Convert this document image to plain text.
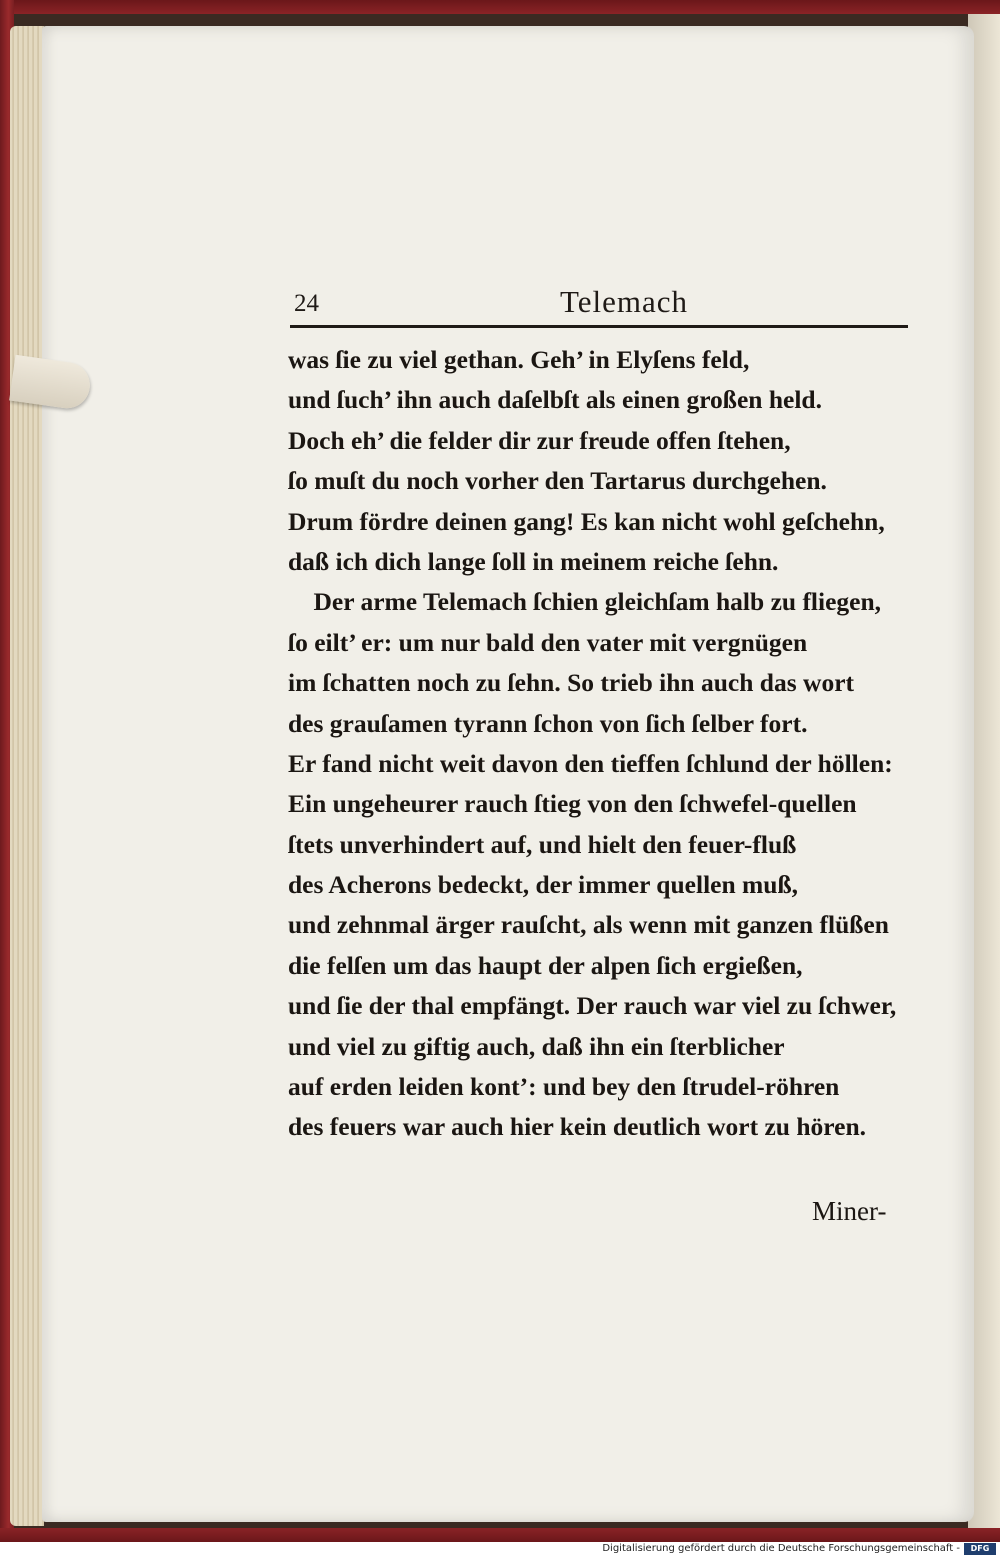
24	Telemach
was ſie zu viel gethan. Geh’ in Elyſens feld,
und ſuch’ ihn auch daſelbſt als einen großen held.
Doch eh’ die felder dir zur freude offen ſtehen,
ſo muſt du noch vorher den Tartarus durchgehen.
Drum fördre deinen gang! Es kan nicht wohl geſchehn,
daß ich dich lange ſoll in meinem reiche ſehn.
Der arme Telemach ſchien gleichſam halb zu fliegen,
ſo eilt’ er: um nur bald den vater mit vergnügen
im ſchatten noch zu ſehn. So trieb ihn auch das wort
des grauſamen tyrann ſchon von ſich ſelber fort.
Er fand nicht weit davon den tieffen ſchlund der höllen:
Ein ungeheurer rauch ſtieg von den ſchwefel-quellen
ſtets unverhindert auf, und hielt den feuer-fluß
des Acherons bedeckt, der immer quellen muß,
und zehnmal ärger rauſcht, als wenn mit ganzen flüßen
die felſen um das haupt der alpen ſich ergießen,
und ſie der thal empfängt. Der rauch war viel zu ſchwer,
und viel zu giftig auch, daß ihn ein ſterblicher
auf erden leiden kont’: und bey den ſtrudel-röhren
des feuers war auch hier kein deutlich wort zu hören.
Miner-
Digitalisierung gefördert durch die Deutsche Forschungsgemeinschaft -	DFG
